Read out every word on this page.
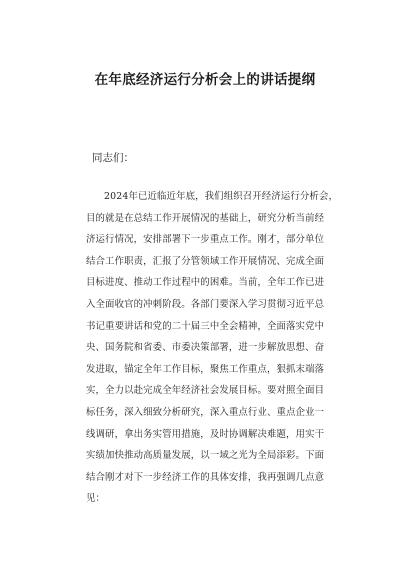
在年底经济运行分析会上的讲话提纲
同志们：
2024年已近临近年底，我们组织召开经济运行分析会，
目的就是在总结工作开展情况的基础上，研究分析当前经
济运行情况，安排部署下一步重点工作。刚才，部分单位
结合工作职责，汇报了分管领域工作开展情况、完成全面
目标进度、推动工作过程中的困难。当前，全年工作已进
入全面收官的冲刺阶段。各部门要深入学习贯彻习近平总
书记重要讲话和党的二十届三中全会精神，全面落实党中
央、国务院和省委、市委决策部署，进一步解放思想、奋
发进取，锚定全年工作目标，聚焦工作重点，狠抓末端落
实，全力以赴完成全年经济社会发展目标。要对照全面目
标任务，深入细致分析研究，深入重点行业、重点企业一
线调研，拿出务实管用措施，及时协调解决难题，用实干
实绩加快推动高质量发展，以一域之光为全局添彩。下面
结合刚才对下一步经济工作的具体安排，我再强调几点意
见：
